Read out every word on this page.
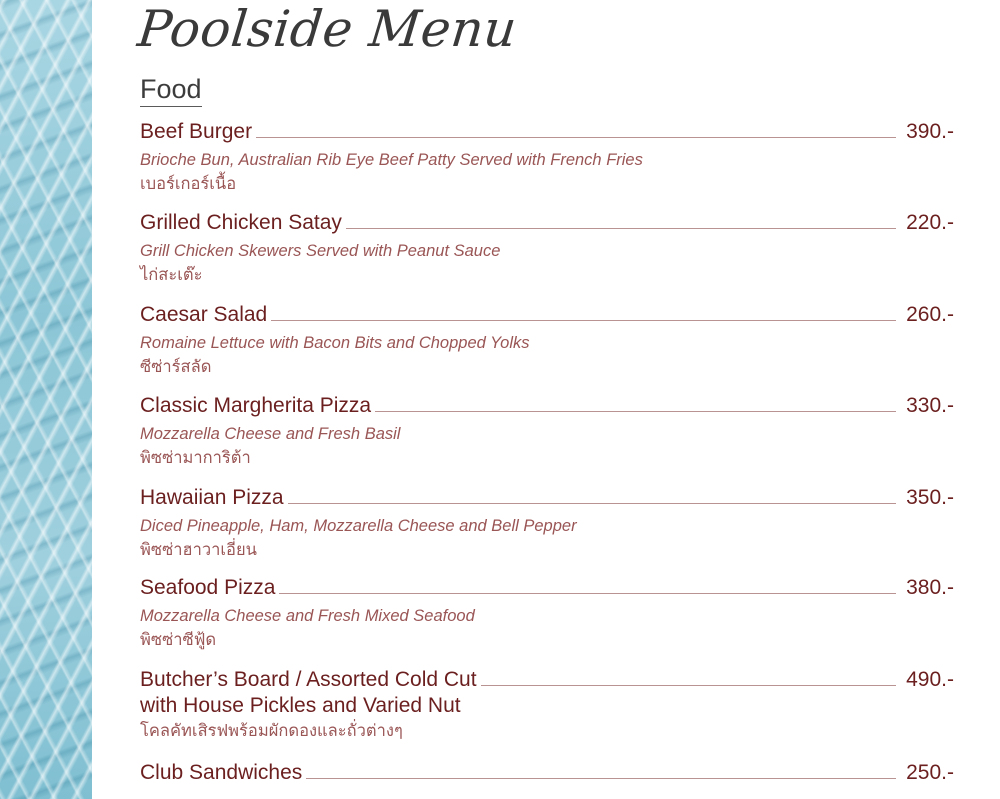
Poolside Menu
Food
Beef Burger	390.-
Brioche Bun, Australian Rib Eye Beef Patty Served with French Fries
เบอร์เกอร์เนื้อ
Grilled Chicken Satay	220.-
Grill Chicken Skewers Served with Peanut Sauce
ไก่สะเต๊ะ
Caesar Salad	260.-
Romaine Lettuce with Bacon Bits and Chopped Yolks
ซีซ่าร์สลัด
Classic Margherita Pizza	330.-
Mozzarella Cheese and Fresh Basil
พิซซ่ามาการิต้า
Hawaiian Pizza	350.-
Diced Pineapple, Ham, Mozzarella Cheese and Bell Pepper
พิซซ่าฮาวาเอี่ยน
Seafood Pizza	380.-
Mozzarella Cheese and Fresh Mixed Seafood
พิซซ่าซีฟู้ด
Butcher’s Board / Assorted Cold Cut	490.-
with House Pickles and Varied Nut
โคลคัทเสิรฟพร้อมผักดองและถั่วต่างๆ
Club Sandwiches	250.-
